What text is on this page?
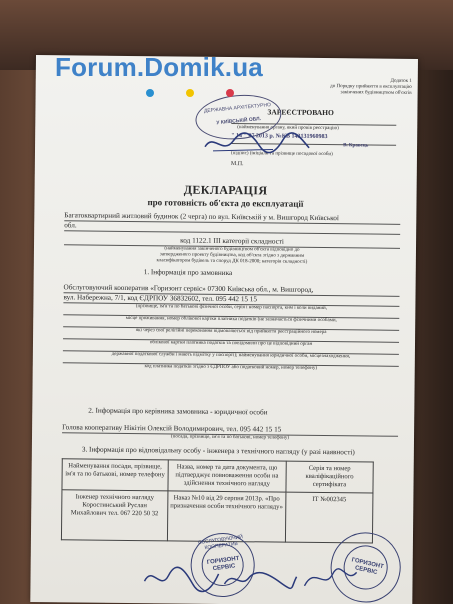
Додаток 1
до Порядку прийняття в експлуатацію
закінчених будівництвом об'єктів
ЗАРЕЄСТРОВАНО
(найменування органу, який провів реєстрацію)
" 14 " 07 2013 р. №КВ 143131960983
В. Кравець
(підпис) (ініціали та прізвище посадової особи)
М.П.
ДЕРЖАВНА АРХІТЕКТУРНО
У КИЇВСЬКІЙ ОБЛ.
ДЕКЛАРАЦІЯ
про готовність об'єкта до експлуатації
Багатоквартирний житловий будинок (2 черга) по вул. Київській у м. Вишгород Київської
обл.
код 1122.1 III категорії складності
(найменування закінченого будівництвом об'єкта відповідно до
затвердженого проекту будівництва, код об'єкта згідно з державним
класифікатором будівель та споруд ДК 018-2000; категорія складності)
1. Інформація про замовника
Обслуговуючий кооператив «Горизонт сервіс» 07300 Київська обл., м. Вишгород,
вул. Набережна, 7/1, код ЄДРПОУ 36832602, тел. 095 442 15 15
(прізвище, ім'я та по батькові фізичної особи, серія і номер паспорта, ким і коли виданий,
місце проживання, номер облікової картки платника податків (не зазначається фізичними особами,
які через свої релігійні переконання відмовляються від прийняття реєстраційного номера
облікової картки платника податків та повідомили про це відповідний орган
державної податкової служби і мають відмітку у паспорті); найменування юридичної особи, місцезнаходження,
код платника податків згідно з ЄДРПОУ або податковий номер, номер телефону)
2. Інформація про керівника замовника - юридичної особи
Голова кооперативу Нікітін Олексій Володимирович, тел. 095 442 15 15
(посада, прізвище, ім'я та по батькові, номер телефону)
3. Інформація про відповідальну особу - інженера з технічного нагляду (у разі наявності)
Найменування посади, прізвище, ім'я та по батькові, номер телефону	Назва, номер та дата документа, що підтверджує повноваження особи на здійснення технічного нагляду	Серія та номер кваліфікаційного сертифіката
Інженер технічного нагляду Коростинський Руслан Михайлович тел. 067 220 50 32	Наказ №10 від 29 серпня 2013р. «Про призначення особи технічного нагляду»	ІТ №002345
ОБСЛУГОВУЮЧИЙ КООПЕРАТИВ
ГОРИЗОНТ СЕРВІС	ГОРИЗОНТ СЕРВІС
Forum.Domik.ua
